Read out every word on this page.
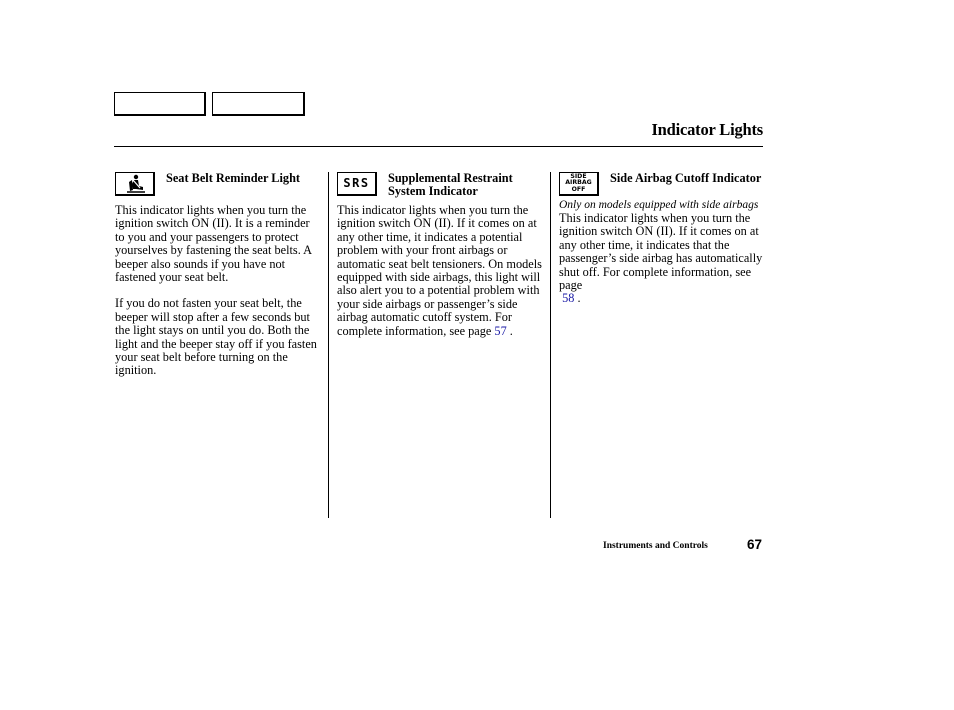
Indicator Lights
Seat Belt Reminder Light

This indicator lights when you turn the ignition switch ON (II). It is a reminder to you and your passengers to protect yourselves by fastening the seat belts. A beeper also sounds if you have not fastened your seat belt.

If you do not fasten your seat belt, the beeper will stop after a few seconds but the light stays on until you do. Both the light and the beeper stay off if you fasten your seat belt before turning on the ignition.

SRS Supplemental Restraint System Indicator

This indicator lights when you turn the ignition switch ON (II). If it comes on at any other time, it indicates a potential problem with your front airbags or automatic seat belt tensioners. On models equipped with side airbags, this light will also alert you to a potential problem with your side airbags or passenger’s side airbag automatic cutoff system. For complete information, see page 57 .

SIDE
AIRBAG
OFF
Side Airbag Cutoff Indicator

Only on models equipped with side airbags

This indicator lights when you turn the ignition switch ON (II). If it comes on at any other time, it indicates that the passenger’s side airbag has automatically shut off. For complete information, see page
58 .

Instruments and Controls	67
